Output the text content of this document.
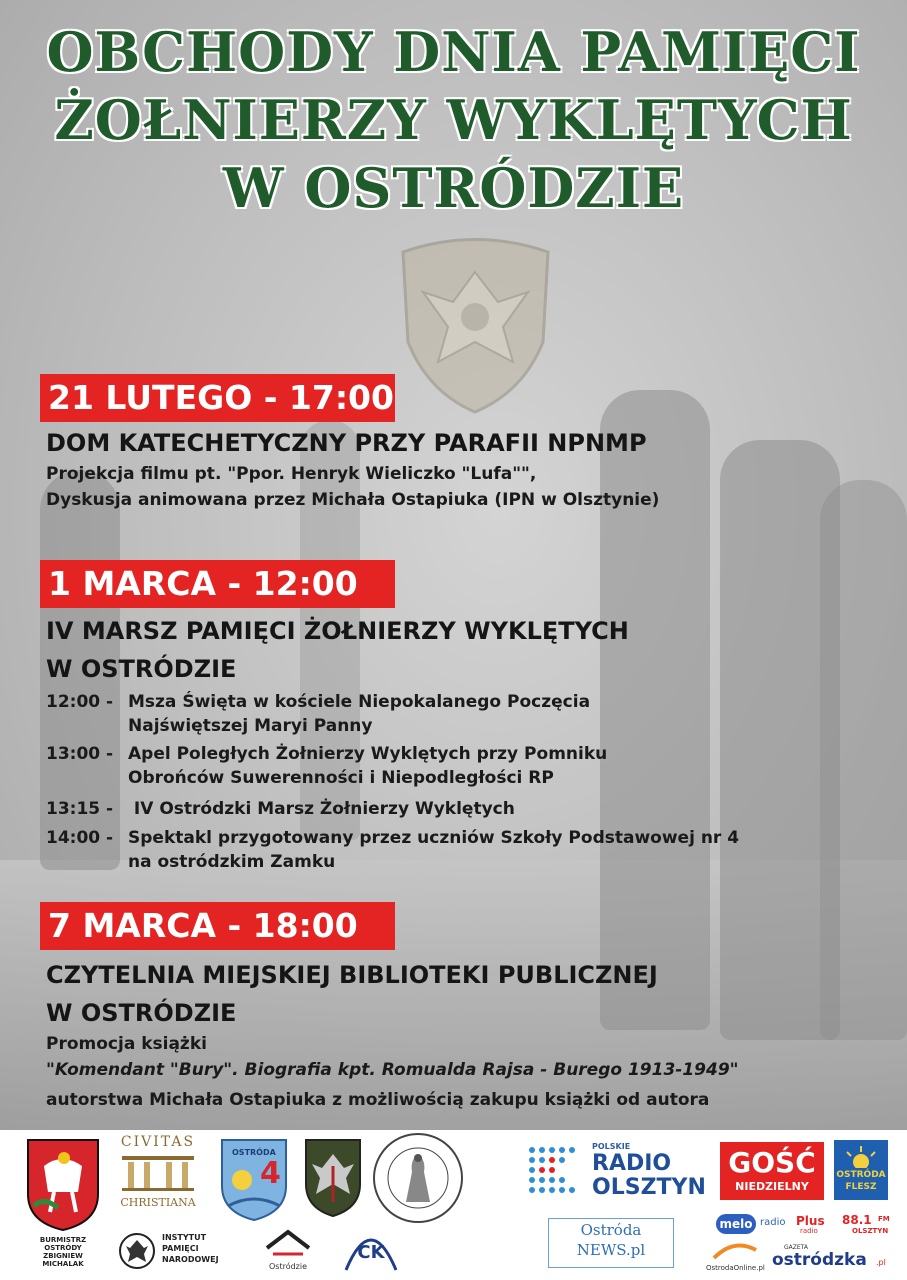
OBCHODY DNIA PAMIĘCI
ŻOŁNIERZY WYKLĘTYCH
W OSTRÓDZIE
21 LUTEGO - 17:00
DOM KATECHETYCZNY PRZY PARAFII NPNMP
Projekcja filmu pt. "Ppor. Henryk Wieliczko "Lufa"",
Dyskusja animowana przez Michała Ostapiuka (IPN w Olsztynie)
1 MARCA - 12:00
IV MARSZ PAMIĘCI ŻOŁNIERZY WYKLĘTYCH
W OSTRÓDZIE
12:00 - Msza Święta w kościele Niepokalanego Poczęcia
Najświętszej Maryi Panny
13:00 - Apel Poległych Żołnierzy Wyklętych przy Pomniku
Obrońców Suwerenności i Niepodległości RP
13:15 - IV Ostródzki Marsz Żołnierzy Wyklętych
14:00 - Spektakl przygotowany przez uczniów Szkoły Podstawowej nr 4
na ostródzkim Zamku
7 MARCA - 18:00
CZYTELNIA MIEJSKIEJ BIBLIOTEKI PUBLICZNEJ
W OSTRÓDZIE
Promocja książki
"Komendant "Bury". Biografia kpt. Romualda Rajsa - Burego 1913-1949"
autorstwa Michała Ostapiuka z możliwością zakupu książki od autora
BURMISTRZ OSTRÓDY
ZBIGNIEW MICHALAK
CIVITAS
CHRISTIANA
INSTYTUT
PAMIĘCI
NARODOWEJ
OSTRÓDA
4
Ostródzie
CK
POLSKIE
RADIO
OLSZTYN
GOŚĆ
NIEDZIELNY
OSTRÓDA
FLESZ
Ostróda
NEWS.pl
melo radio Plus
radio
88.1 FM
OLSZTYN
OstrodaOnline.pl
GAZETA
ostródzka .pl
